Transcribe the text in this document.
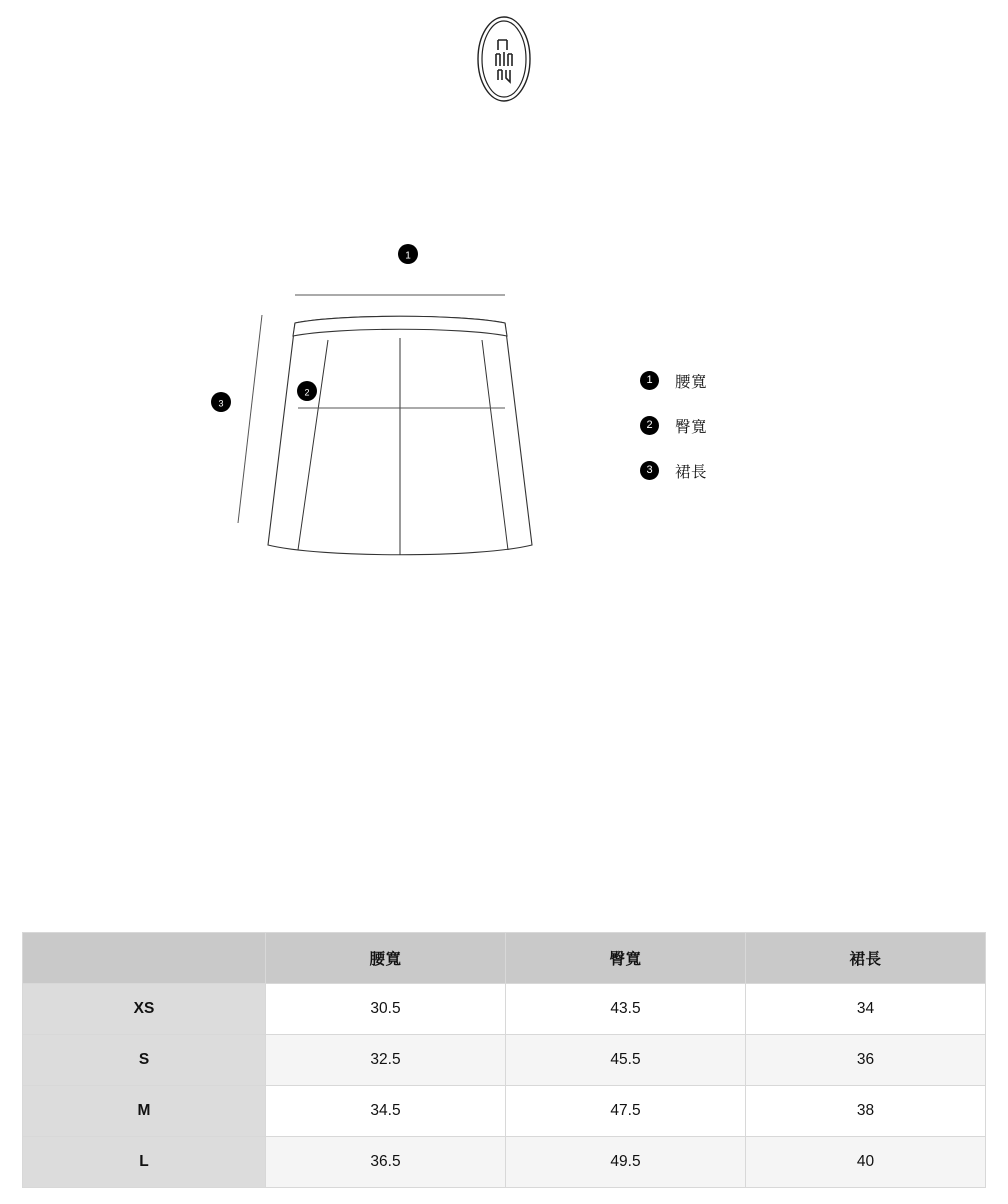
1
2
3
1	腰寬
2	臀寬
3	裙長
	腰寬	臀寬	裙長
XS	30.5	43.5	34
S	32.5	45.5	36
M	34.5	47.5	38
L	36.5	49.5	40
